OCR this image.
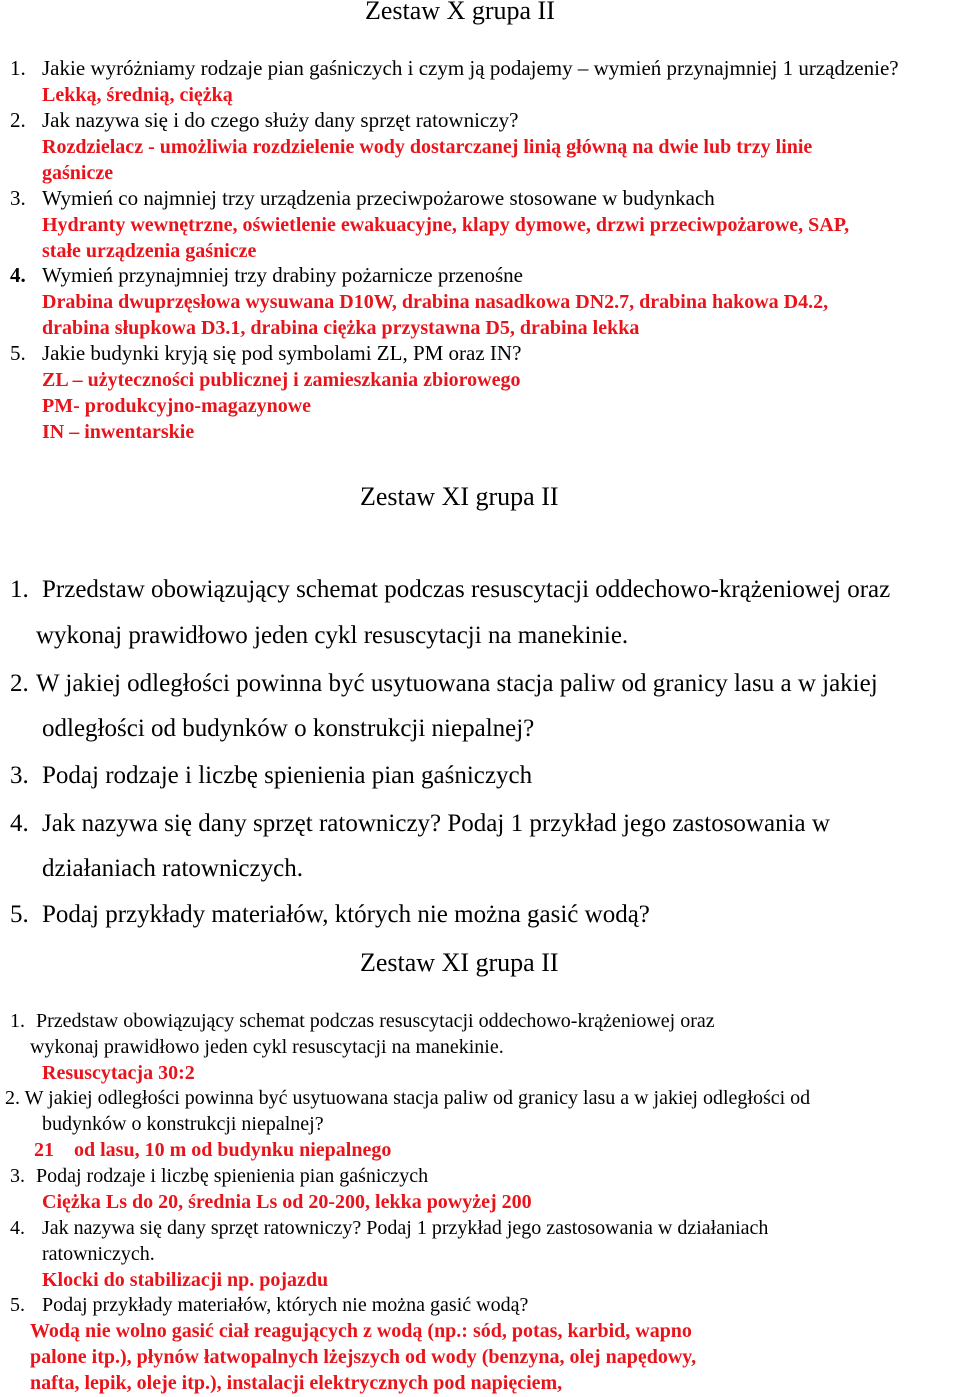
Zestaw X grupa II
1. Jakie wyróżniamy rodzaje pian gaśniczych i czym ją podajemy – wymień przynajmniej 1 urządzenie?
Lekką, średnią, ciężką
2. Jak nazywa się i do czego służy dany sprzęt ratowniczy?
Rozdzielacz - umożliwia rozdzielenie wody dostarczanej linią główną na dwie lub trzy linie
gaśnicze
3. Wymień co najmniej trzy urządzenia przeciwpożarowe stosowane w budynkach
Hydranty wewnętrzne, oświetlenie ewakuacyjne, klapy dymowe, drzwi przeciwpożarowe, SAP,
stałe urządzenia gaśnicze
4. Wymień przynajmniej trzy drabiny pożarnicze przenośne
Drabina dwuprzęsłowa wysuwana D10W, drabina nasadkowa DN2.7, drabina hakowa D4.2,
drabina słupkowa D3.1, drabina ciężka przystawna D5, drabina lekka
5. Jakie budynki kryją się pod symbolami ZL, PM oraz IN?
ZL – użyteczności publicznej i zamieszkania zbiorowego
PM- produkcyjno-magazynowe
IN – inwentarskie
Zestaw XI grupa II
1. Przedstaw obowiązujący schemat podczas resuscytacji oddechowo-krążeniowej oraz
wykonaj prawidłowo jeden cykl resuscytacji na manekinie.
2. W jakiej odległości powinna być usytuowana stacja paliw od granicy lasu a w jakiej
odległości od budynków o konstrukcji niepalnej?
3. Podaj rodzaje i liczbę spienienia pian gaśniczych
4. Jak nazywa się dany sprzęt ratowniczy? Podaj 1 przykład jego zastosowania w
działaniach ratowniczych.
5. Podaj przykłady materiałów, których nie można gasić wodą?
Zestaw XI grupa II
1. Przedstaw obowiązujący schemat podczas resuscytacji oddechowo-krążeniowej oraz
wykonaj prawidłowo jeden cykl resuscytacji na manekinie.
Resuscytacja 30:2
2. W jakiej odległości powinna być usytuowana stacja paliw od granicy lasu a w jakiej odległości od
budynków o konstrukcji niepalnej?
21    od lasu, 10 m od budynku niepalnego
3. Podaj rodzaje i liczbę spienienia pian gaśniczych
Ciężka Ls do 20, średnia Ls od 20-200, lekka powyżej 200
4. Jak nazywa się dany sprzęt ratowniczy? Podaj 1 przykład jego zastosowania w działaniach
ratowniczych.
Klocki do stabilizacji np. pojazdu
5. Podaj przykłady materiałów, których nie można gasić wodą?
Wodą nie wolno gasić ciał reagujących z wodą (np.: sód, potas, karbid, wapno
palone itp.), płynów łatwopalnych lżejszych od wody (benzyna, olej napędowy,
nafta, lepik, oleje itp.), instalacji elektrycznych pod napięciem,
